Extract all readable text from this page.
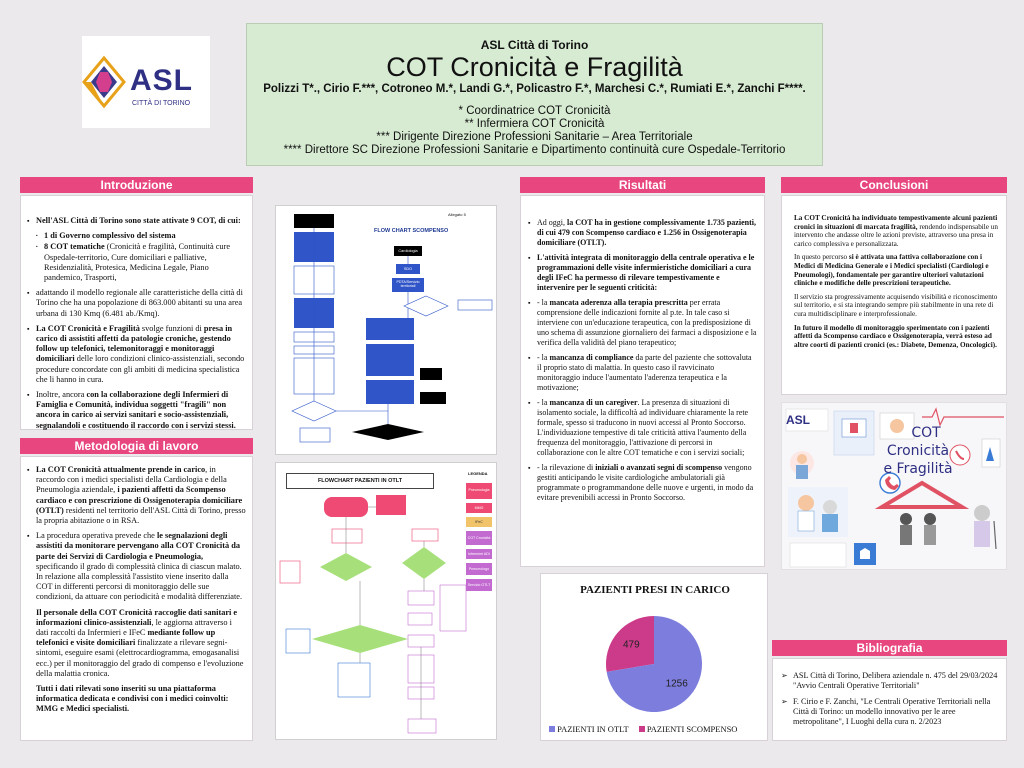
ASL Città di Torino
COT Cronicità e Fragilità
Polizzi T*., Cirio F.***, Cotroneo M.*, Landi G.*, Policastro F.*, Marchesi C.*, Rumiati E.*, Zanchi F****.
* Coordinatrice COT Cronicità
** Infermiera COT Cronicità
*** Dirigente Direzione Professioni Sanitarie – Area Territoriale
**** Direttore SC Direzione Professioni Sanitarie e Dipartimento continuità cure Ospedale-Territorio
ASL
CITTÀ DI TORINO
Introduzione
▪ Nell'ASL Città di Torino sono state attivate 9 COT, di cui:
· 1 di Governo complessivo del sistema
· 8 COT tematiche (Cronicità e fragilità, Continuità cure Ospedale-territorio, Cure domiciliari e palliative, Residenzialità, Protesica, Medicina Legale, Piano pandemico, Trasporti,
▪ adattando il modello regionale alle caratteristiche della città di Torino che ha una popolazione di 863.000 abitanti su una area urbana di 130 Kmq (6.481 ab./Kmq).
▪ La COT Cronicità e Fragilità svolge funzioni di presa in carico di assistiti affetti da patologie croniche, gestendo follow up telefonici, telemonitoraggi e monitoraggi domiciliari delle loro condizioni clinico-assistenziali, secondo procedure concordate con gli ambiti di medicina specialistica che li hanno in cura.
▪ Inoltre, ancora con la collaborazione degli Infermieri di Famiglia e Comunità, individua soggetti "fragili" non ancora in carico ai servizi sanitari e socio-assistenziali, segnalandoli e costituendo il raccordo con i servizi stessi.
Metodologia di lavoro
▪ La COT Cronicità attualmente prende in carico, in raccordo con i medici specialisti della Cardiologia e della Pneumologia aziendale, i pazienti affetti da Scompenso cardiaco e con prescrizione di Ossigenoterapia domiciliare (OTLT) residenti nel territorio dell'ASL Città di Torino, presso la propria abitazione o in RSA.
▪ La procedura operativa prevede che le segnalazioni degli assistiti da monitorare pervengano alla COT Cronicità da parte dei Servizi di Cardiologia e Pneumologia, specificando il grado di complessità clinica di ciascun malato. In relazione alla complessità l'assistito viene inserito dalla COT in differenti percorsi di monitoraggio delle sue condizioni, da attuare con periodicità e modalità differenziate.

Il personale della COT Cronicità raccoglie dati sanitari e informazioni clinico-assistenziali, le aggiorna attraverso i dati raccolti da Infermieri e IFeC mediante follow up telefonici e visite domiciliari finalizzate a rilevare segni-sintomi, eseguire esami (elettrocardiogramma, emogasanalisi ecc.) per il monitoraggio del grado di compenso e l'evoluzione della malattia cronica.

Tutti i dati rilevati sono inseriti su una piattaforma informatica dedicata e condivisi con i medici coinvolti: MMG e Medici specialisti.

Allegato 5
FLOW CHART SCOMPENSO
Cardiologia
SDO
PDTA/Servizio territoriali
FLOWCHART PAZIENTI IN OTLT
LEGENDA
Pneumologia
MMG
IFeC
COT Cronicità
Infermieri ADI
Pneumologo
Servizio OTLT
Risultati
▪ Ad oggi, la COT ha in gestione complessivamente 1.735 pazienti, di cui 479 con Scompenso cardiaco e 1.256 in Ossigenoterapia domiciliare (OTLT).
▪ L'attività integrata di monitoraggio della centrale operativa e le programmazioni delle visite infermieristiche domiciliari a cura degli IFeC ha permesso di rilevare tempestivamente e intervenire per le seguenti criticità:
▪ - la mancata aderenza alla terapia prescritta per errata comprensione delle indicazioni fornite al p.te. In tale caso si interviene con un'educazione terapeutica, con la predisposizione di uno schema di assunzione giornaliero dei farmaci a disposizione e la verifica della validità del piano terapeutico;
▪ - la mancanza di compliance da parte del paziente che sottovaluta il proprio stato di malattia. In questo caso il ravvicinato monitoraggio induce l'aumentato l'aderenza terapeutica e la motivazione;
▪ - la mancanza di un caregiver. La presenza di situazioni di isolamento sociale, la difficoltà ad individuare chiaramente la rete formale, spesso si traducono in nuovi accessi al Pronto Soccorso. L'individuazione tempestive di tale criticità attiva l'aumento della frequenza del monitoraggio, l'attivazione di percorsi in collaborazione con le altre COT tematiche e con i servizi sociali;
▪ - la rilevazione di iniziali o avanzati segni di scompenso vengono gestiti anticipando le visite cardiologiche ambulatoriali già programmate o programmandone delle nuove e urgenti, in modo da evitare prevenibili accessi in Pronto Soccorso.
PAZIENTI PRESI IN CARICO
479
1256
PAZIENTI IN OTLT PAZIENTI SCOMPENSO
Conclusioni

La COT Cronicità ha individuato tempestivamente alcuni pazienti cronici in situazioni di marcata fragilità, rendendo indispensabile un intervento che andasse oltre le azioni previste, attraverso una presa in carico complessiva e personalizzata.

In questo percorso si è attivata una fattiva collaborazione con i Medici di Medicina Generale e i Medici specialisti (Cardiologi e Pneumologi), fondamentale per garantire ulteriori valutazioni cliniche e modifiche delle prescrizioni terapeutiche.

Il servizio sta progressivamente acquisendo visibilità e riconoscimento sul territorio, e si sta integrando sempre più stabilmente in una rete di cura multidisciplinare e interprofessionale.

In futuro il modello di monitoraggio sperimentato con i pazienti affetti da Scompenso cardiaco e Ossigenoterapia, verrà esteso ad altre coorti di pazienti cronici (es.: Diabete, Demenza, Oncologici).

ASL
COT
Cronicità
e Fragilità
Bibliografia
➢ ASL Città di Torino, Delibera aziendale n. 475 del 29/03/2024 "Avvio Centrali Operative Territoriali"
➢ F. Cirio e F. Zanchi, "Le Centrali Operative Territoriali nella Città di Torino: un modello innovativo per le aree metropolitane", I Luoghi della cura n. 2/2023
